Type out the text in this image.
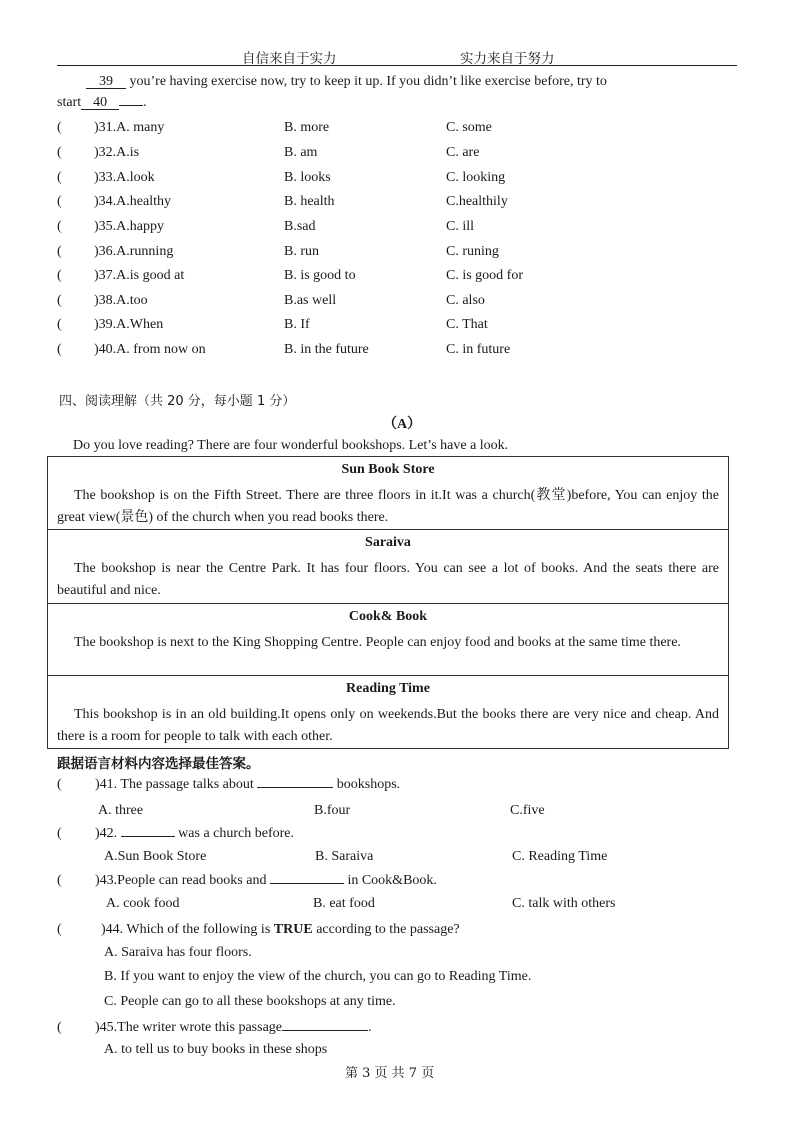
自信来自于实力	实力来自于努力
39 you’re having exercise now, try to keep it up. If you didn’t like exercise before, try to
start 40	.
( )31.A. many	B. more	C. some
( )32.A.is	B. am	C. are
( )33.A.look	B. looks	C. looking
( )34.A.healthy	B. health	C.healthily
( )35.A.happy	B.sad	C. ill
( )36.A.running	B. run	C. runing
( )37.A.is good at	B. is good to	C. is good for
( )38.A.too	B.as well	C. also
( )39.A.When	B. If	C. That
( )40.A. from now on	B. in the future	C. in future
四、阅读理解（共 20 分，每小题 1 分）
（A）
Do you love reading? There are four wonderful bookshops. Let’s have a look.
Sun Book Store
The bookshop is on the Fifth Street. There are three floors in it.It was a church(教堂)before, You can enjoy the great view(景色) of the church when you read books there.
Saraiva
The bookshop is near the Centre Park. It has four floors. You can see a lot of books. And the seats there are beautiful and nice.
Cook& Book
The bookshop is next to the King Shopping Centre. People can enjoy food and books at the same time there.
Reading Time
This bookshop is in an old building.It opens only on weekends.But the books there are very nice and cheap. And there is a room for people to talk with each other.
跟据语言材料内容选择最佳答案。
( )41. The passage talks about	bookshops.
A. three	B.four	C.five
( )42.	was a church before.
A.Sun Book Store	B. Saraiva	C. Reading Time
( )43.People can read books and	in Cook&Book.
A. cook food	B. eat food	C. talk with others
(	)44. Which of the following is TRUE according to the passage?
A. Saraiva has four floors.
B. If you want to enjoy the view of the church, you can go to Reading Time.
C. People can go to all these bookshops at any time.
( )45.The writer wrote this passage	.
A. to tell us to buy books in these shops
第 3 页 共 7 页
